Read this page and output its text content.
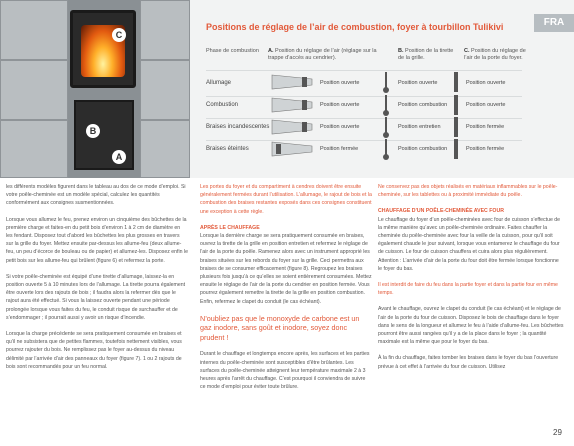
C
B
A
FRA
Positions de réglage de l’air de combustion, foyer à tourbillon Tulikivi
Phase de combustion	A. Position du réglage de l’air (réglage sur la trappe d’accès au cendrier).
B. Position de la tirette de la grille.
C. Position du réglage de l’air de la porte du foyer.
Allumage	Position ouverte	Position ouverte	Position ouverte
Combustion	Position ouverte	Position combustion	Position ouverte
Braises incandescentes	Position ouverte	Position entretien	Position fermée
Braises éteintes	Position fermée	Position combustion	Position fermée

les différents modèles figurent dans le tableau au dos de ce mode d’emploi. Si votre poêle-cheminée est un modèle spécial, calculez les quantités conformément aux consignes susmentionnées.

Lorsque vous allumez le feu, prenez environ un cinquième des bûchettes de la première charge et faites-en du petit bois d’environ 1 à 2 cm de diamètre en les fendant. Disposez tout d’abord les bûchettes les plus grosses en travers sur la grille du foyer. Mettez ensuite par-dessus les allume-feu (deux allume-feu, un peu d’écorce de bouleau ou de papier) et allumez-les. Disposez enfin le petit bois sur les allume-feu qui brûlent (figure 6) et refermez la porte.

Si votre poêle-cheminée est équipé d’une tirette d’allumage, laissez-la en position ouverte 5 à 10 minutes lors de l’allumage. La tirette pourra également être ouverte lors des rajouts de bois ; il faudra alors la refermer dès que le rajout aura été effectué. Si vous la laissez ouverte pendant une période prolongée lorsque vous faites du feu, le conduit risque de surchauffer et de s’endommager ; il pourrait aussi y avoir un risque d’incendie.

Lorsque la charge précédente se sera pratiquement consumée en braises et qu’il ne subsistera que de petites flammes, toutefois nettement visibles, vous pourrez rajouter du bois. Ne remplissez pas le foyer au-dessus du niveau délimité par l’arrivée d’air des panneaux du foyer (figure 7). 1 ou 2 rajouts de bois sont recommandés pour un feu normal.

Les portes du foyer et du compartiment à cendres doivent être ensuite généralement fermées durant l’utilisation. L’allumage, le rajout de bois et la combustion des braises restantes exposés dans ces consignes constituent une exception à cette règle.

APRÈS LE CHAUFFAGE

Lorsque la dernière charge se sera pratiquement consumée en braises, ouvrez la tirette de la grille en position entretien et refermez le réglage de l’air de la porte du poêle. Ramenez alors avec un instrument approprié les braises situées sur les rebords du foyer sur la grille. Ceci permettra aux braises de se consumer efficacement (figure 8). Regroupez les braises plusieurs fois jusqu’à ce qu’elles se soient entièrement consumées. Mettez ensuite le réglage de l’air de la porte du cendrier en position fermée. Vous pourrez également remettre la tirette de la grille en position combustion. Enfin, refermez le clapet du conduit (le cas échéant).

N’oubliez pas que le monoxyde de carbone est un gaz inodore, sans goût et inodore, soyez donc prudent !

Durant le chauffage et longtemps encore après, les surfaces et les parties internes du poêle-cheminée sont susceptibles d’être brûlantes. Les surfaces du poêle-cheminée atteignent leur température maximale 2 à 3 heures après l’arrêt du chauffage. C’est pourquoi il conviendra de suivre ce mode d’emploi pour éviter toute brûlure.

Ne conservez pas des objets réalisés en matériaux inflammables sur le poêle-cheminée, sur les tablettes ou à proximité immédiate du poêle.

CHAUFFAGE D’UN POÊLE-CHEMINÉE AVEC FOUR

Le chauffage du foyer d’un poêle-cheminées avec four de cuisson s’effectue de la même manière qu’avec un poêle-cheminée ordinaire. Faites chauffer la cheminée du poêle-cheminée avec four la veille de la cuisson, pour qu’il soit également chaude le jour suivant, lorsque vous entamerez le chauffage du four de cuisson. Le four de cuisson chauffera et cuira alors plus régulièrement. Attention : L’arrivée d’air de la porte du four doit être fermée lorsque fonctionne le foyer du bas.

Il est interdit de faire du feu dans la partie foyer et dans la partie four en même temps.

Avant le chauffage, ouvrez le clapet du conduit (le cas échéant) et le réglage de l’air de la porte du four de cuisson. Disposez le bois de chauffage dans le foyer dans le sens de la longueur et allumez le feu à l’aide d’allume-feu. Les bûchettes pourront être aussi rangées qu’il y a de la place dans le foyer ; la quantité maximale est la même que pour le foyer du bas.

À la fin du chauffage, faites tomber les braises dans le foyer du bas l’ouverture prévue à cet effet à l’arrivée du four de cuisson. Utilisez

29
